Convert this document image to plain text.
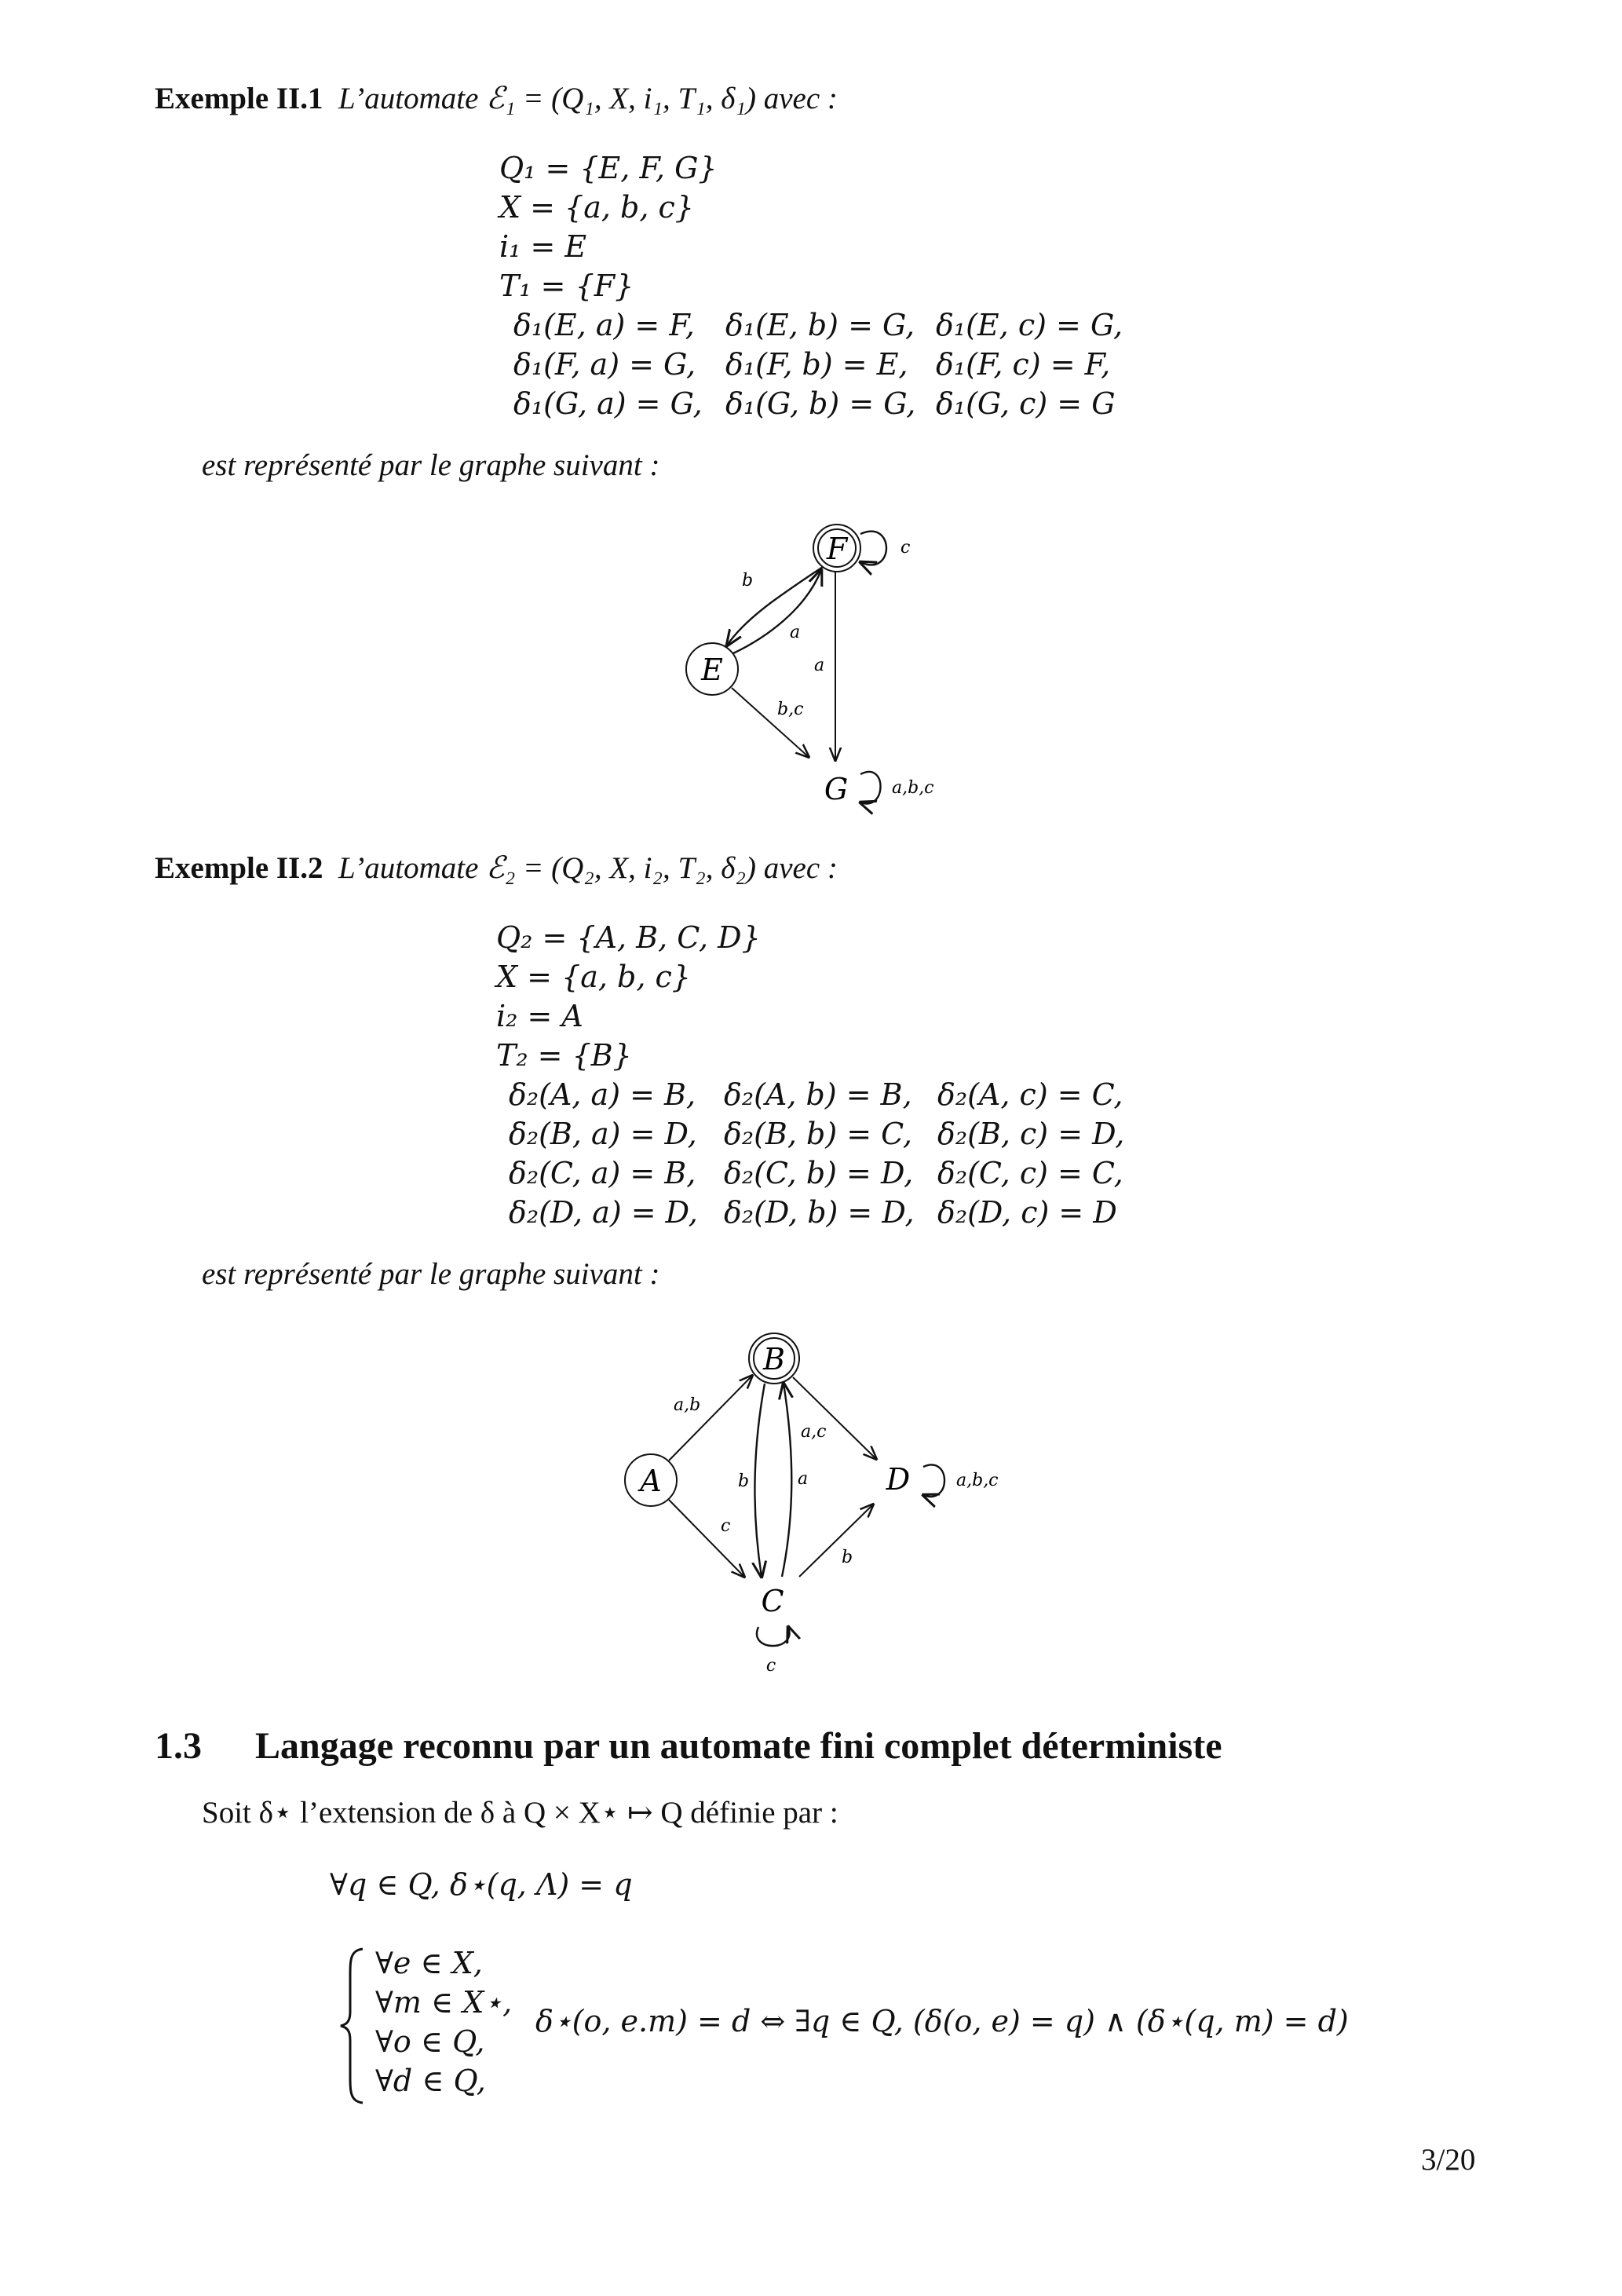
Exemple II.1 L’automate ℰ₁ = (Q₁, X, i₁, T₁, δ₁) avec :
Q₁ = {E, F, G}
X = {a, b, c}
i₁ = E
T₁ = {F}
δ₁(E, a) = F, δ₁(E, b) = G, δ₁(E, c) = G,
δ₁(F, a) = G, δ₁(F, b) = E, δ₁(F, c) = F,
δ₁(G, a) = G, δ₁(G, b) = G, δ₁(G, c) = G
est représenté par le graphe suivant :
F
E
G
c
b
a
a
b,c
a,b,c
Exemple II.2 L’automate ℰ₂ = (Q₂, X, i₂, T₂, δ₂) avec :
Q₂ = {A, B, C, D}
X = {a, b, c}
i₂ = A
T₂ = {B}
δ₂(A, a) = B, δ₂(A, b) = B, δ₂(A, c) = C,
δ₂(B, a) = D, δ₂(B, b) = C, δ₂(B, c) = D,
δ₂(C, a) = B, δ₂(C, b) = D, δ₂(C, c) = C,
δ₂(D, a) = D, δ₂(D, b) = D, δ₂(D, c) = D
est représenté par le graphe suivant :
B
A	D
C
a,b
a,c
b	a
c
b
a,b,c
c
1.3 Langage reconnu par un automate fini complet déterministe
Soit δ⋆ l’extension de δ à Q × X⋆ ↦ Q définie par :
∀q ∈ Q, δ⋆(q, Λ) = q
∀e ∈ X,
∀m ∈ X⋆,
∀o ∈ Q,
∀d ∈ Q,
δ⋆(o, e.m) = d ⇔ ∃q ∈ Q, (δ(o, e) = q) ∧ (δ⋆(q, m) = d)
3/20
